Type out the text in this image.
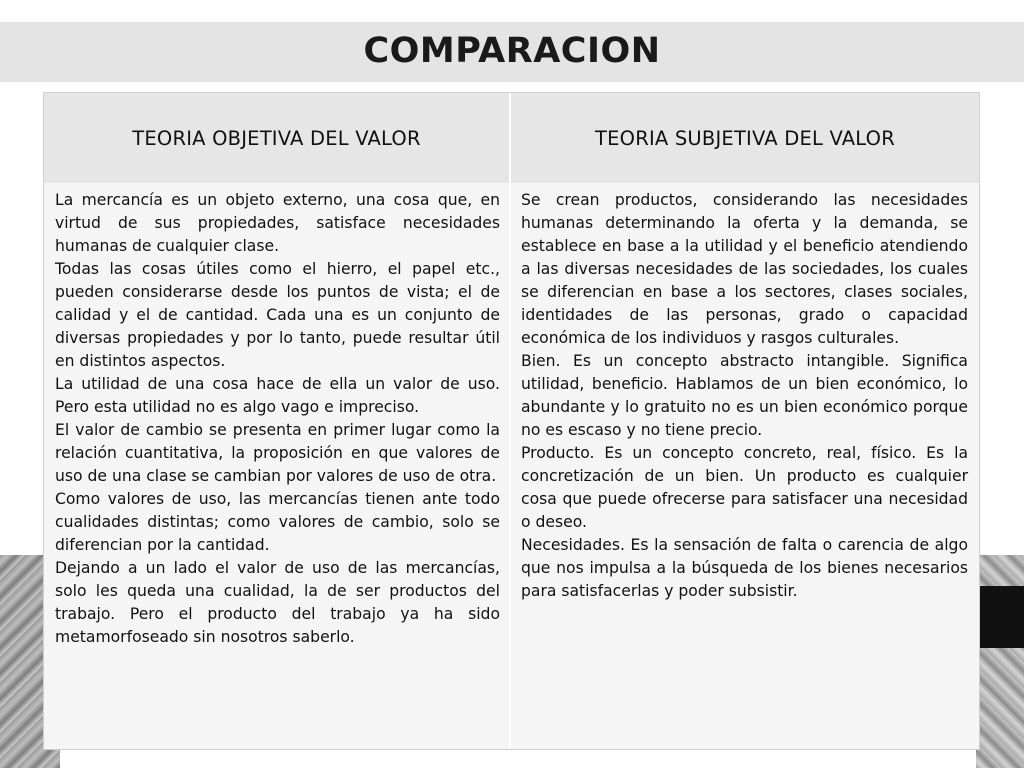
COMPARACION
TEORIA OBJETIVA DEL VALOR	TEORIA SUBJETIVA DEL VALOR

La mercancía es un objeto externo, una cosa que, en virtud de sus propiedades, satisface necesidades humanas de cualquier clase.

Todas las cosas útiles como el hierro, el papel etc., pueden considerarse desde los puntos de vista; el de calidad y el de cantidad. Cada una es un conjunto de diversas propiedades y por lo tanto, puede resultar útil en distintos aspectos.

La utilidad de una cosa hace de ella un valor de uso. Pero esta utilidad no es algo vago e impreciso.

El valor de cambio se presenta en primer lugar como la relación cuantitativa, la proposición en que valores de uso de una clase se cambian por valores de uso de otra.

Como valores de uso, las mercancías tienen ante todo cualidades distintas; como valores de cambio, solo se diferencian por la cantidad.

Dejando a un lado el valor de uso de las mercancías, solo les queda una cualidad, la de ser productos del trabajo. Pero el producto del trabajo ya ha sido metamorfoseado sin nosotros saberlo.

Se crean productos, considerando las necesidades humanas determinando la oferta y la demanda, se establece en base a la utilidad y el beneficio atendiendo a las diversas necesidades de las sociedades, los cuales se diferencian en base a los sectores, clases sociales, identidades de las personas, grado o capacidad económica de los individuos y rasgos culturales.

Bien. Es un concepto abstracto intangible. Significa utilidad, beneficio. Hablamos de un bien económico, lo abundante y lo gratuito no es un bien económico porque no es escaso y no tiene precio.

Producto. Es un concepto concreto, real, físico. Es la concretización de un bien. Un producto es cualquier cosa que puede ofrecerse para satisfacer una necesidad o deseo.

Necesidades. Es la sensación de falta o carencia de algo que nos impulsa a la búsqueda de los bienes necesarios para satisfacerlas y poder subsistir.
